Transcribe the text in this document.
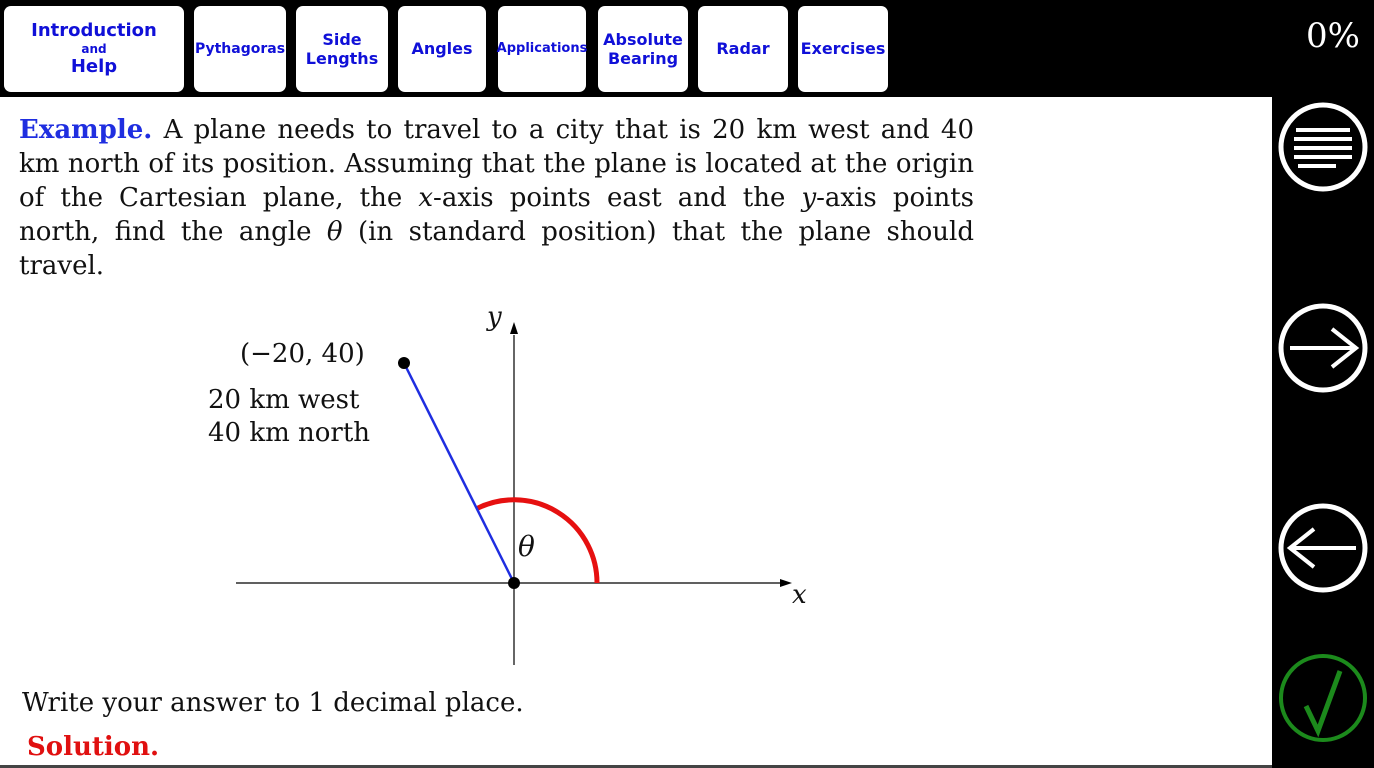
Introduction
and
Help
Pythagoras Side
Lengths
Angles Applications Absolute
Bearing
Radar Exercises	0%
Example. A plane needs to travel to a city that is 20 km west and 40 km north of its position. Assuming that the plane is located at the origin of the Cartesian plane, the x-axis points east and the y-axis points north, find the angle θ (in standard position) that the plane should travel.
(−20, 40)
20 km west
40 km north
θ
x
y
Write your answer to 1 decimal place.
Solution.
